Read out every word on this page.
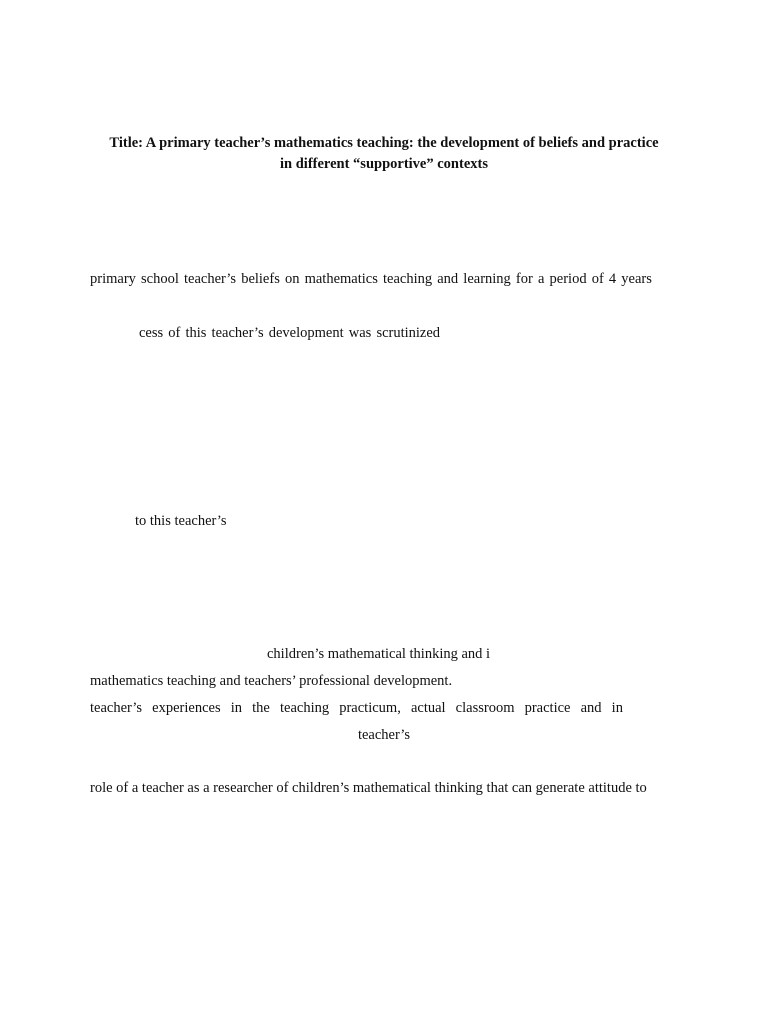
Title: A primary teacher’s mathematics teaching: the development of beliefs and practice
in different “supportive” contexts

primary school teacher’s beliefs on mathematics teaching and learning for a period of 4 years

cess of this teacher’s development was scrutinized

to this teacher’s

children’s mathematical thinking and i

mathematics teaching and teachers’ professional development.

teacher’s experiences in the teaching practicum, actual classroom practice and in

teacher’s

role of a teacher as a researcher of children’s mathematical thinking that can generate attitude to
